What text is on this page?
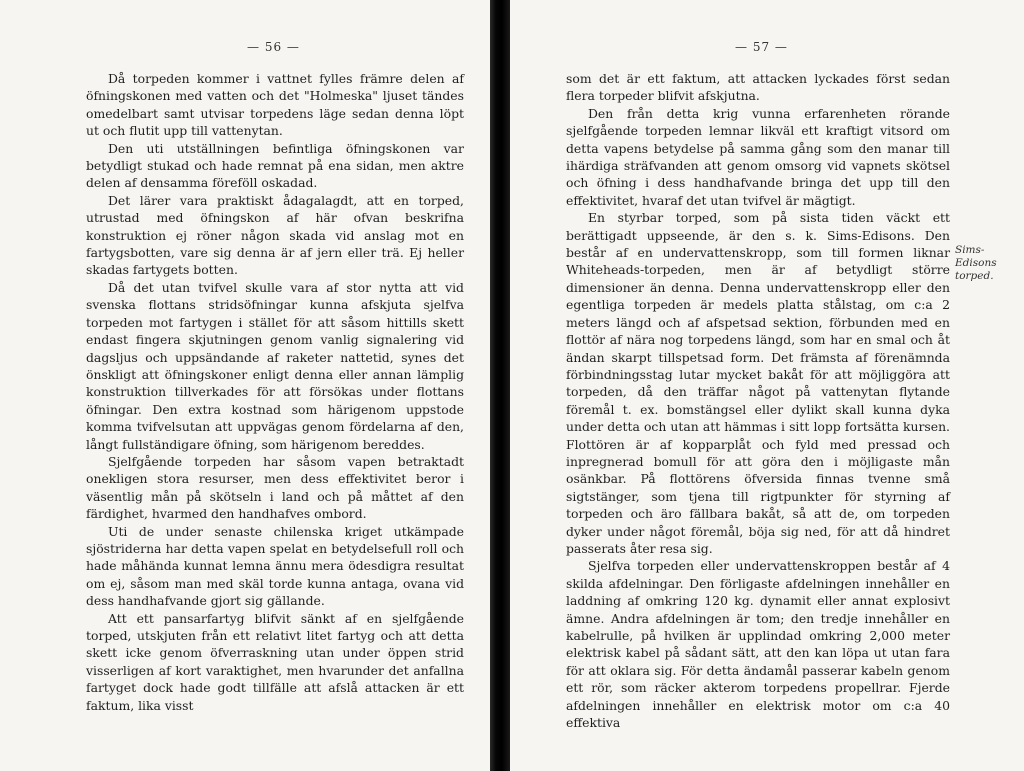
— 56 —

Då torpeden kommer i vattnet fylles främre delen af öfningskonen med vatten och det "Holmeska" ljuset tändes omedelbart samt utvisar torpedens läge sedan denna löpt ut och flutit upp till vattenytan.

Den uti utställningen befintliga öfningskonen var betydligt stukad och hade remnat på ena sidan, men aktre delen af densamma föreföll oskadad.

Det lärer vara praktiskt ådagalagdt, att en torped, utrustad med öfningskon af här ofvan beskrifna konstruktion ej röner någon skada vid anslag mot en fartygsbotten, vare sig denna är af jern eller trä. Ej heller skadas fartygets botten.

Då det utan tvifvel skulle vara af stor nytta att vid svenska flottans stridsöfningar kunna afskjuta sjelfva torpeden mot fartygen i stället för att såsom hittills skett endast fingera skjutningen genom vanlig signalering vid dagsljus och uppsändande af raketer nattetid, synes det önskligt att öfningskoner enligt denna eller annan lämplig konstruktion tillverkades för att försökas under flottans öfningar. Den extra kostnad som härigenom uppstode komma tvifvelsutan att uppvägas genom fördelarna af den, långt fullständigare öfning, som härigenom bereddes.

Sjelfgående torpeden har såsom vapen betraktadt onekligen stora resurser, men dess effektivitet beror i väsentlig mån på skötseln i land och på måttet af den färdighet, hvarmed den handhafves ombord.

Uti de under senaste chilenska kriget utkämpade sjöstriderna har detta vapen spelat en betydelsefull roll och hade måhända kunnat lemna ännu mera ödesdigra resultat om ej, såsom man med skäl torde kunna antaga, ovana vid dess handhafvande gjort sig gällande.

Att ett pansarfartyg blifvit sänkt af en sjelfgående torped, utskjuten från ett relativt litet fartyg och att detta skett icke genom öfverraskning utan under öppen strid visserligen af kort varaktighet, men hvarunder det anfallna fartyget dock hade godt tillfälle att afslå attacken är ett faktum, lika visst

— 57 —

som det är ett faktum, att attacken lyckades först sedan flera torpeder blifvit afskjutna.

Den från detta krig vunna erfarenheten rörande sjelfgående torpeden lemnar likväl ett kraftigt vitsord om detta vapens betydelse på samma gång som den manar till ihärdiga sträfvanden att genom omsorg vid vapnets skötsel och öfning i dess handhafvande bringa det upp till den effektivitet, hvaraf det utan tvifvel är mägtigt.

En styrbar torped, som på sista tiden väckt ett berättigadt uppseende, är den s. k. Sims-Edisons. Den består af en undervattenskropp, som till formen liknar Whiteheads-torpeden, men är af betydligt större dimensioner än denna. Denna undervattenskropp eller den egentliga torpeden är medels platta stålstag, om c:a 2 meters längd och af afspetsad sektion, förbunden med en flottör af nära nog torpedens längd, som har en smal och åt ändan skarpt tillspetsad form. Det främsta af förenämnda förbindningsstag lutar mycket bakåt för att möjliggöra att torpeden, då den träffar något på vattenytan flytande föremål t. ex. bomstängsel eller dylikt skall kunna dyka under detta och utan att hämmas i sitt lopp fortsätta kursen. Flottören är af kopparplåt och fyld med pressad och inpregnerad bomull för att göra den i möjligaste mån osänkbar. På flottörens öfversida finnas tvenne små sigtstänger, som tjena till rigtpunkter för styrning af torpeden och äro fällbara bakåt, så att de, om torpeden dyker under något föremål, böja sig ned, för att då hindret passerats åter resa sig.

Sjelfva torpeden eller undervattenskroppen består af 4 skilda afdelningar. Den förligaste afdelningen innehåller en laddning af omkring 120 kg. dynamit eller annat explosivt ämne. Andra afdelningen är tom; den tredje innehåller en kabelrulle, på hvilken är upplindad omkring 2,000 meter elektrisk kabel på sådant sätt, att den kan löpa ut utan fara för att oklara sig. För detta ändamål passerar kabeln genom ett rör, som räcker akterom torpedens propellrar. Fjerde afdelningen innehåller en elektrisk motor om c:a 40 effektiva

Sims-Edisons torped.
